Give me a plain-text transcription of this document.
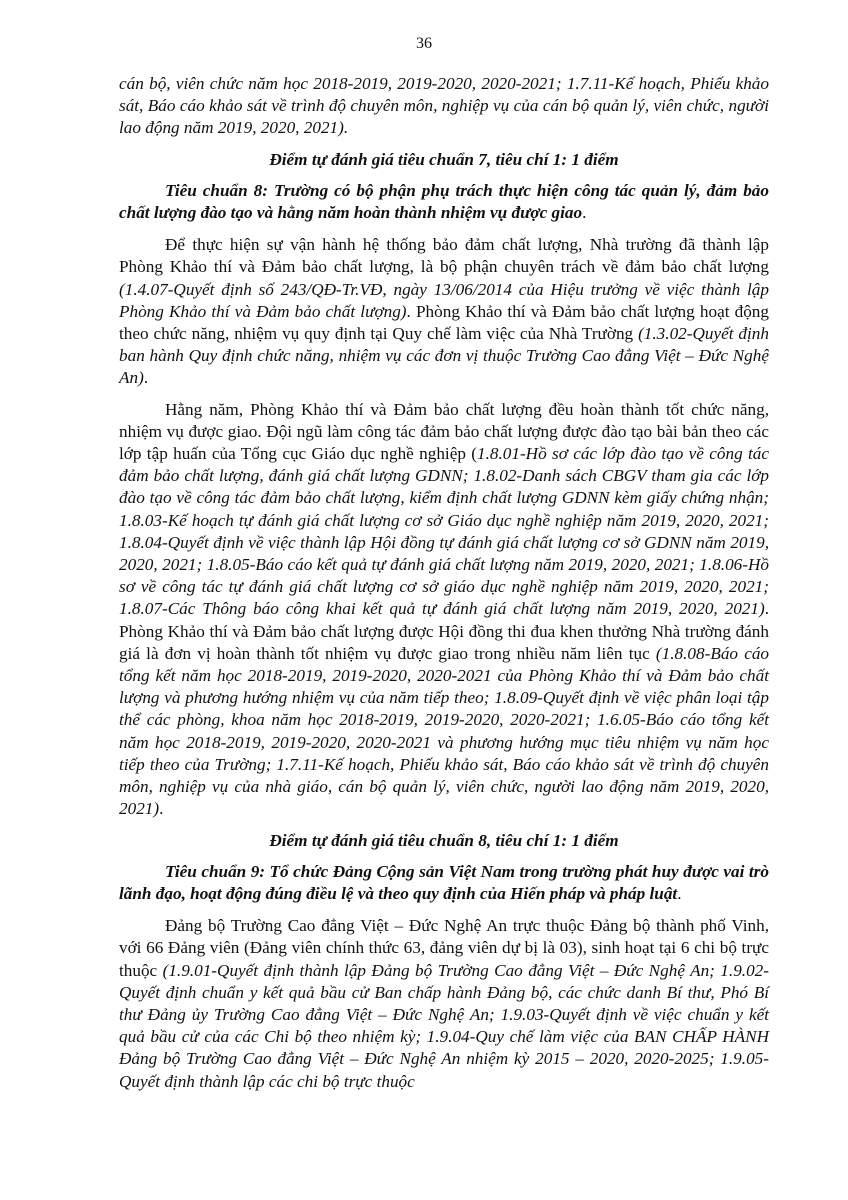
36

cán bộ, viên chức năm học 2018-2019, 2019-2020, 2020-2021; 1.7.11-Kế hoạch, Phiếu khảo sát, Báo cáo khảo sát về trình độ chuyên môn, nghiệp vụ của cán bộ quản lý, viên chức, người lao động năm 2019, 2020, 2021).

Điểm tự đánh giá tiêu chuẩn 7, tiêu chí 1: 1 điểm

Tiêu chuẩn 8: Trường có bộ phận phụ trách thực hiện công tác quản lý, đảm bảo chất lượng đào tạo và hằng năm hoàn thành nhiệm vụ được giao.

Để thực hiện sự vận hành hệ thống bảo đảm chất lượng, Nhà trường đã thành lập Phòng Khảo thí và Đảm bảo chất lượng, là bộ phận chuyên trách về đảm bảo chất lượng (1.4.07-Quyết định số 243/QĐ-Tr.VĐ, ngày 13/06/2014 của Hiệu trưởng về việc thành lập Phòng Khảo thí và Đảm bảo chất lượng). Phòng Khảo thí và Đảm bảo chất lượng hoạt động theo chức năng, nhiệm vụ quy định tại Quy chế làm việc của Nhà Trường (1.3.02-Quyết định ban hành Quy định chức năng, nhiệm vụ các đơn vị thuộc Trường Cao đẳng Việt – Đức Nghệ An).

Hằng năm, Phòng Khảo thí và Đảm bảo chất lượng đều hoàn thành tốt chức năng, nhiệm vụ được giao. Đội ngũ làm công tác đảm bảo chất lượng được đào tạo bài bản theo các lớp tập huấn của Tổng cục Giáo dục nghề nghiệp (1.8.01-Hồ sơ các lớp đào tạo về công tác đảm bảo chất lượng, đánh giá chất lượng GDNN; 1.8.02-Danh sách CBGV tham gia các lớp đào tạo về công tác đảm bảo chất lượng, kiểm định chất lượng GDNN kèm giấy chứng nhận; 1.8.03-Kế hoạch tự đánh giá chất lượng cơ sở Giáo dục nghề nghiệp năm 2019, 2020, 2021; 1.8.04-Quyết định về việc thành lập Hội đồng tự đánh giá chất lượng cơ sở GDNN năm 2019, 2020, 2021; 1.8.05-Báo cáo kết quả tự đánh giá chất lượng năm 2019, 2020, 2021; 1.8.06-Hồ sơ về công tác tự đánh giá chất lượng cơ sở giáo dục nghề nghiệp năm 2019, 2020, 2021; 1.8.07-Các Thông báo công khai kết quả tự đánh giá chất lượng năm 2019, 2020, 2021). Phòng Khảo thí và Đảm bảo chất lượng được Hội đồng thi đua khen thưởng Nhà trường đánh giá là đơn vị hoàn thành tốt nhiệm vụ được giao trong nhiều năm liên tục (1.8.08-Báo cáo tổng kết năm học 2018-2019, 2019-2020, 2020-2021 của Phòng Khảo thí và Đảm bảo chất lượng và phương hướng nhiệm vụ của năm tiếp theo; 1.8.09-Quyết định về việc phân loại tập thể các phòng, khoa năm học 2018-2019, 2019-2020, 2020-2021; 1.6.05-Báo cáo tổng kết năm học 2018-2019, 2019-2020, 2020-2021 và phương hướng mục tiêu nhiệm vụ năm học tiếp theo của Trường; 1.7.11-Kế hoạch, Phiếu khảo sát, Báo cáo khảo sát về trình độ chuyên môn, nghiệp vụ của nhà giáo, cán bộ quản lý, viên chức, người lao động năm 2019, 2020, 2021).

Điểm tự đánh giá tiêu chuẩn 8, tiêu chí 1: 1 điểm

Tiêu chuẩn 9: Tổ chức Đảng Cộng sản Việt Nam trong trường phát huy được vai trò lãnh đạo, hoạt động đúng điều lệ và theo quy định của Hiến pháp và pháp luật.

Đảng bộ Trường Cao đẳng Việt – Đức Nghệ An trực thuộc Đảng bộ thành phố Vinh, với 66 Đảng viên (Đảng viên chính thức 63, đảng viên dự bị là 03), sinh hoạt tại 6 chi bộ trực thuộc (1.9.01-Quyết định thành lập Đảng bộ Trường Cao đẳng Việt – Đức Nghệ An; 1.9.02-Quyết định chuẩn y kết quả bầu cử Ban chấp hành Đảng bộ, các chức danh Bí thư, Phó Bí thư Đảng ủy Trường Cao đẳng Việt – Đức Nghệ An; 1.9.03-Quyết định về việc chuẩn y kết quả bầu cử của các Chi bộ theo nhiệm kỳ; 1.9.04-Quy chế làm việc của BAN CHẤP HÀNH Đảng bộ Trường Cao đẳng Việt – Đức Nghệ An nhiệm kỳ 2015 – 2020, 2020-2025; 1.9.05-Quyết định thành lập các chi bộ trực thuộc
